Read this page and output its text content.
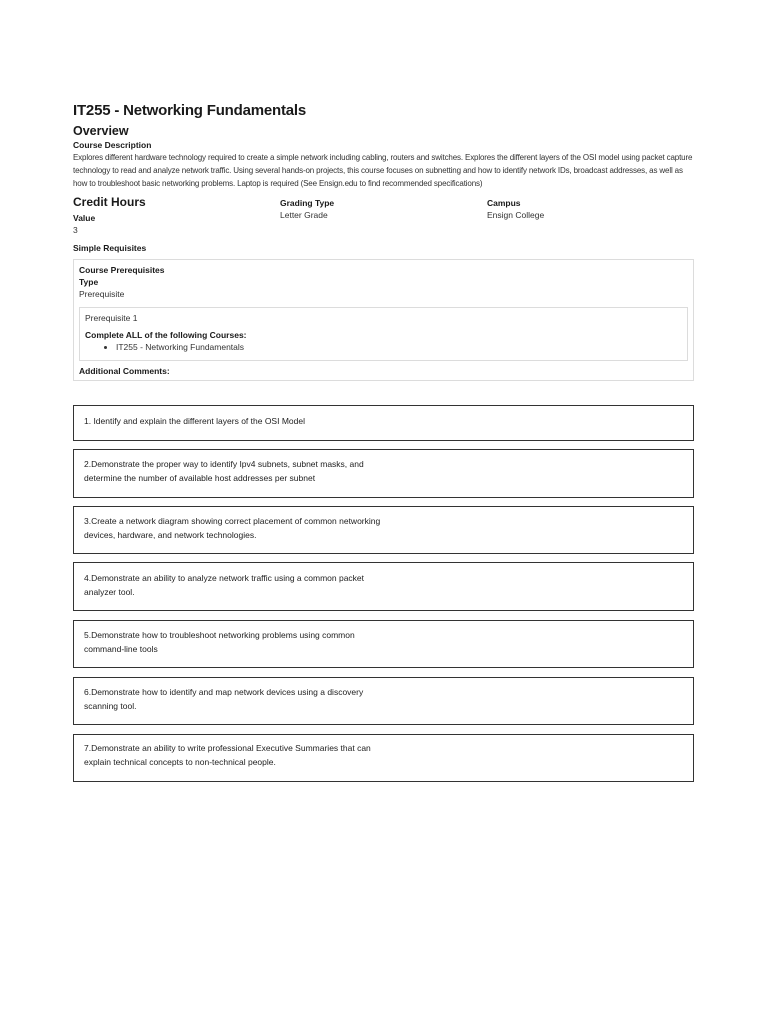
IT255 - Networking Fundamentals
Overview
Course Description
Explores different hardware technology required to create a simple network including cabling, routers and switches. Explores the different layers of the OSI model using packet capture technology to read and analyze network traffic. Using several hands-on projects, this course focuses on subnetting and how to identify network IDs, broadcast addresses, as well as how to troubleshoot basic networking problems. Laptop is required (See Ensign.edu to find recommended specifications)
Credit Hours
Value
3
Grading Type
Letter Grade
Campus
Ensign College
Simple Requisites
Course Prerequisites
Type
Prerequisite
Prerequisite 1
Complete ALL of the following Courses:
• IT255 - Networking Fundamentals
Additional Comments:
1. Identify and explain the different layers of the OSI Model
2.Demonstrate the proper way to identify Ipv4 subnets, subnet masks, and determine the number of available host addresses per subnet
3.Create a network diagram showing correct placement of common networking devices, hardware, and network technologies.
4.Demonstrate an ability to analyze network traffic using a common packet analyzer tool.
5.Demonstrate how to troubleshoot networking problems using common command-line tools
6.Demonstrate how to identify and map network devices using a discovery scanning tool.
7.Demonstrate an ability to write professional Executive Summaries that can explain technical concepts to non-technical people.
